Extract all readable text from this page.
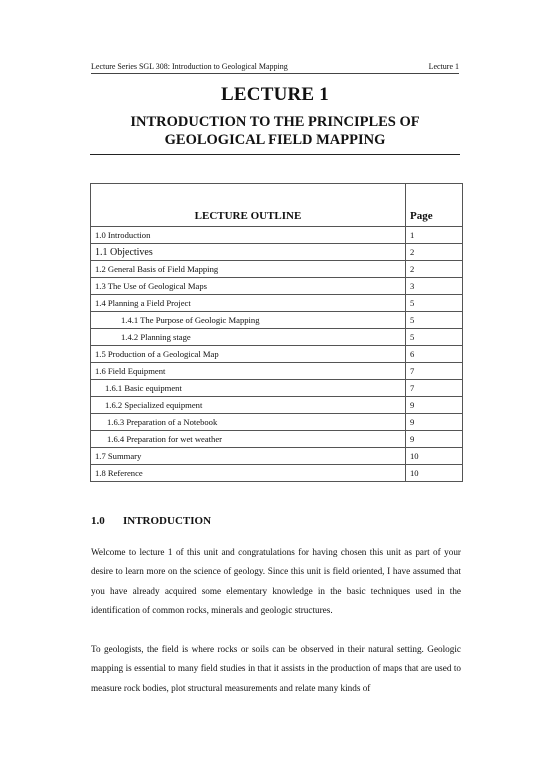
Lecture Series SGL 308: Introduction to Geological Mapping	Lecture 1
LECTURE 1
INTRODUCTION TO THE PRINCIPLES OF GEOLOGICAL FIELD MAPPING
LECTURE OUTLINE	Page
1.0 Introduction	1
1.1 Objectives	2
1.2 General Basis of Field Mapping	2
1.3 The Use of Geological Maps	3
1.4 Planning a Field Project	5
1.4.1 The Purpose of Geologic Mapping	5
1.4.2 Planning stage	5
1.5 Production of a Geological Map	6
1.6 Field Equipment	7
1.6.1 Basic equipment	7
1.6.2 Specialized equipment	9
1.6.3 Preparation of a Notebook	9
1.6.4 Preparation for wet weather	9
1.7 Summary	10
1.8 Reference	10
1.0 INTRODUCTION
Welcome to lecture 1 of this unit and congratulations for having chosen this unit as part of your desire to learn more on the science of geology. Since this unit is field oriented, I have assumed that you have already acquired some elementary knowledge in the basic techniques used in the identification of common rocks, minerals and geologic structures.
To geologists, the field is where rocks or soils can be observed in their natural setting. Geologic mapping is essential to many field studies in that it assists in the production of maps that are used to measure rock bodies, plot structural measurements and relate many kinds of
